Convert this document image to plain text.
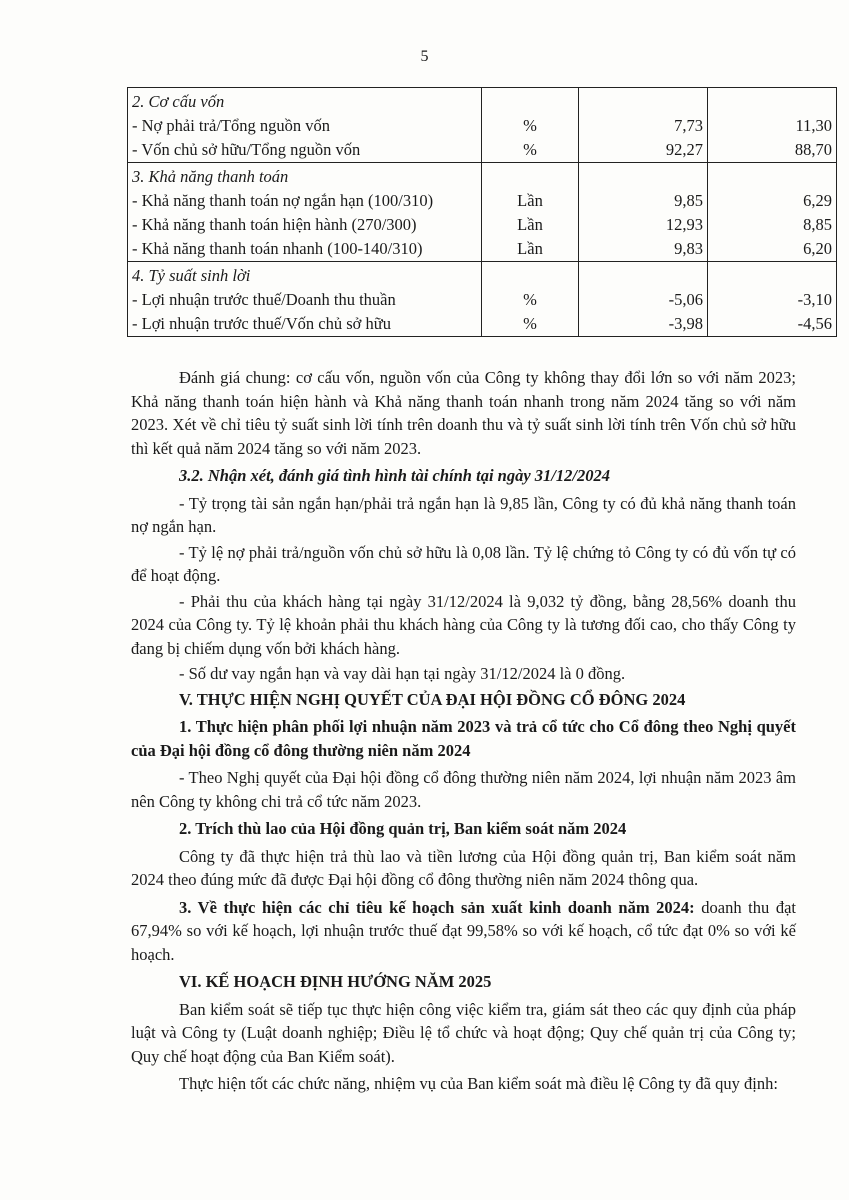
5
2. Cơ cấu vốn			
- Nợ phải trả/Tổng nguồn vốn	%	7,73	11,30
- Vốn chủ sở hữu/Tổng nguồn vốn	%	92,27	88,70
3. Khả năng thanh toán			
- Khả năng thanh toán nợ ngắn hạn (100/310)	Lần	9,85	6,29
- Khả năng thanh toán hiện hành (270/300)	Lần	12,93	8,85
- Khả năng thanh toán nhanh (100-140/310)	Lần	9,83	6,20
4. Tỷ suất sinh lời			
- Lợi nhuận trước thuế/Doanh thu thuần	%	-5,06	-3,10
- Lợi nhuận trước thuế/Vốn chủ sở hữu	%	-3,98	-4,56

Đánh giá chung: cơ cấu vốn, nguồn vốn của Công ty không thay đổi lớn so với năm 2023; Khả năng thanh toán hiện hành và Khả năng thanh toán nhanh trong năm 2024 tăng so với năm 2023. Xét về chỉ tiêu tỷ suất sinh lời tính trên doanh thu và tỷ suất sinh lời tính trên Vốn chủ sở hữu thì kết quả năm 2024 tăng so với năm 2023.

3.2. Nhận xét, đánh giá tình hình tài chính tại ngày 31/12/2024

- Tỷ trọng tài sản ngắn hạn/phải trả ngắn hạn là 9,85 lần, Công ty có đủ khả năng thanh toán nợ ngắn hạn.

- Tỷ lệ nợ phải trả/nguồn vốn chủ sở hữu là 0,08 lần. Tỷ lệ chứng tỏ Công ty có đủ vốn tự có để hoạt động.

- Phải thu của khách hàng tại ngày 31/12/2024 là 9,032 tỷ đồng, bằng 28,56% doanh thu 2024 của Công ty. Tỷ lệ khoản phải thu khách hàng của Công ty là tương đối cao, cho thấy Công ty đang bị chiếm dụng vốn bởi khách hàng.

- Số dư vay ngắn hạn và vay dài hạn tại ngày 31/12/2024 là 0 đồng.

V. THỰC HIỆN NGHỊ QUYẾT CỦA ĐẠI HỘI ĐỒNG CỔ ĐÔNG 2024

1. Thực hiện phân phối lợi nhuận năm 2023 và trả cổ tức cho Cổ đông theo Nghị quyết của Đại hội đồng cổ đông thường niên năm 2024

- Theo Nghị quyết của Đại hội đồng cổ đông thường niên năm 2024, lợi nhuận năm 2023 âm nên Công ty không chi trả cổ tức năm 2023.

2. Trích thù lao của Hội đồng quản trị, Ban kiểm soát năm 2024

Công ty đã thực hiện trả thù lao và tiền lương của Hội đồng quản trị, Ban kiểm soát năm 2024 theo đúng mức đã được Đại hội đồng cổ đông thường niên năm 2024 thông qua.

3. Về thực hiện các chỉ tiêu kế hoạch sản xuất kinh doanh năm 2024: doanh thu đạt 67,94% so với kế hoạch, lợi nhuận trước thuế đạt 99,58% so với kế hoạch, cổ tức đạt 0% so với kế hoạch.

VI. KẾ HOẠCH ĐỊNH HƯỚNG NĂM 2025

Ban kiểm soát sẽ tiếp tục thực hiện công việc kiểm tra, giám sát theo các quy định của pháp luật và Công ty (Luật doanh nghiệp; Điều lệ tổ chức và hoạt động; Quy chế quản trị của Công ty; Quy chế hoạt động của Ban Kiểm soát).

Thực hiện tốt các chức năng, nhiệm vụ của Ban kiểm soát mà điều lệ Công ty đã quy định:
